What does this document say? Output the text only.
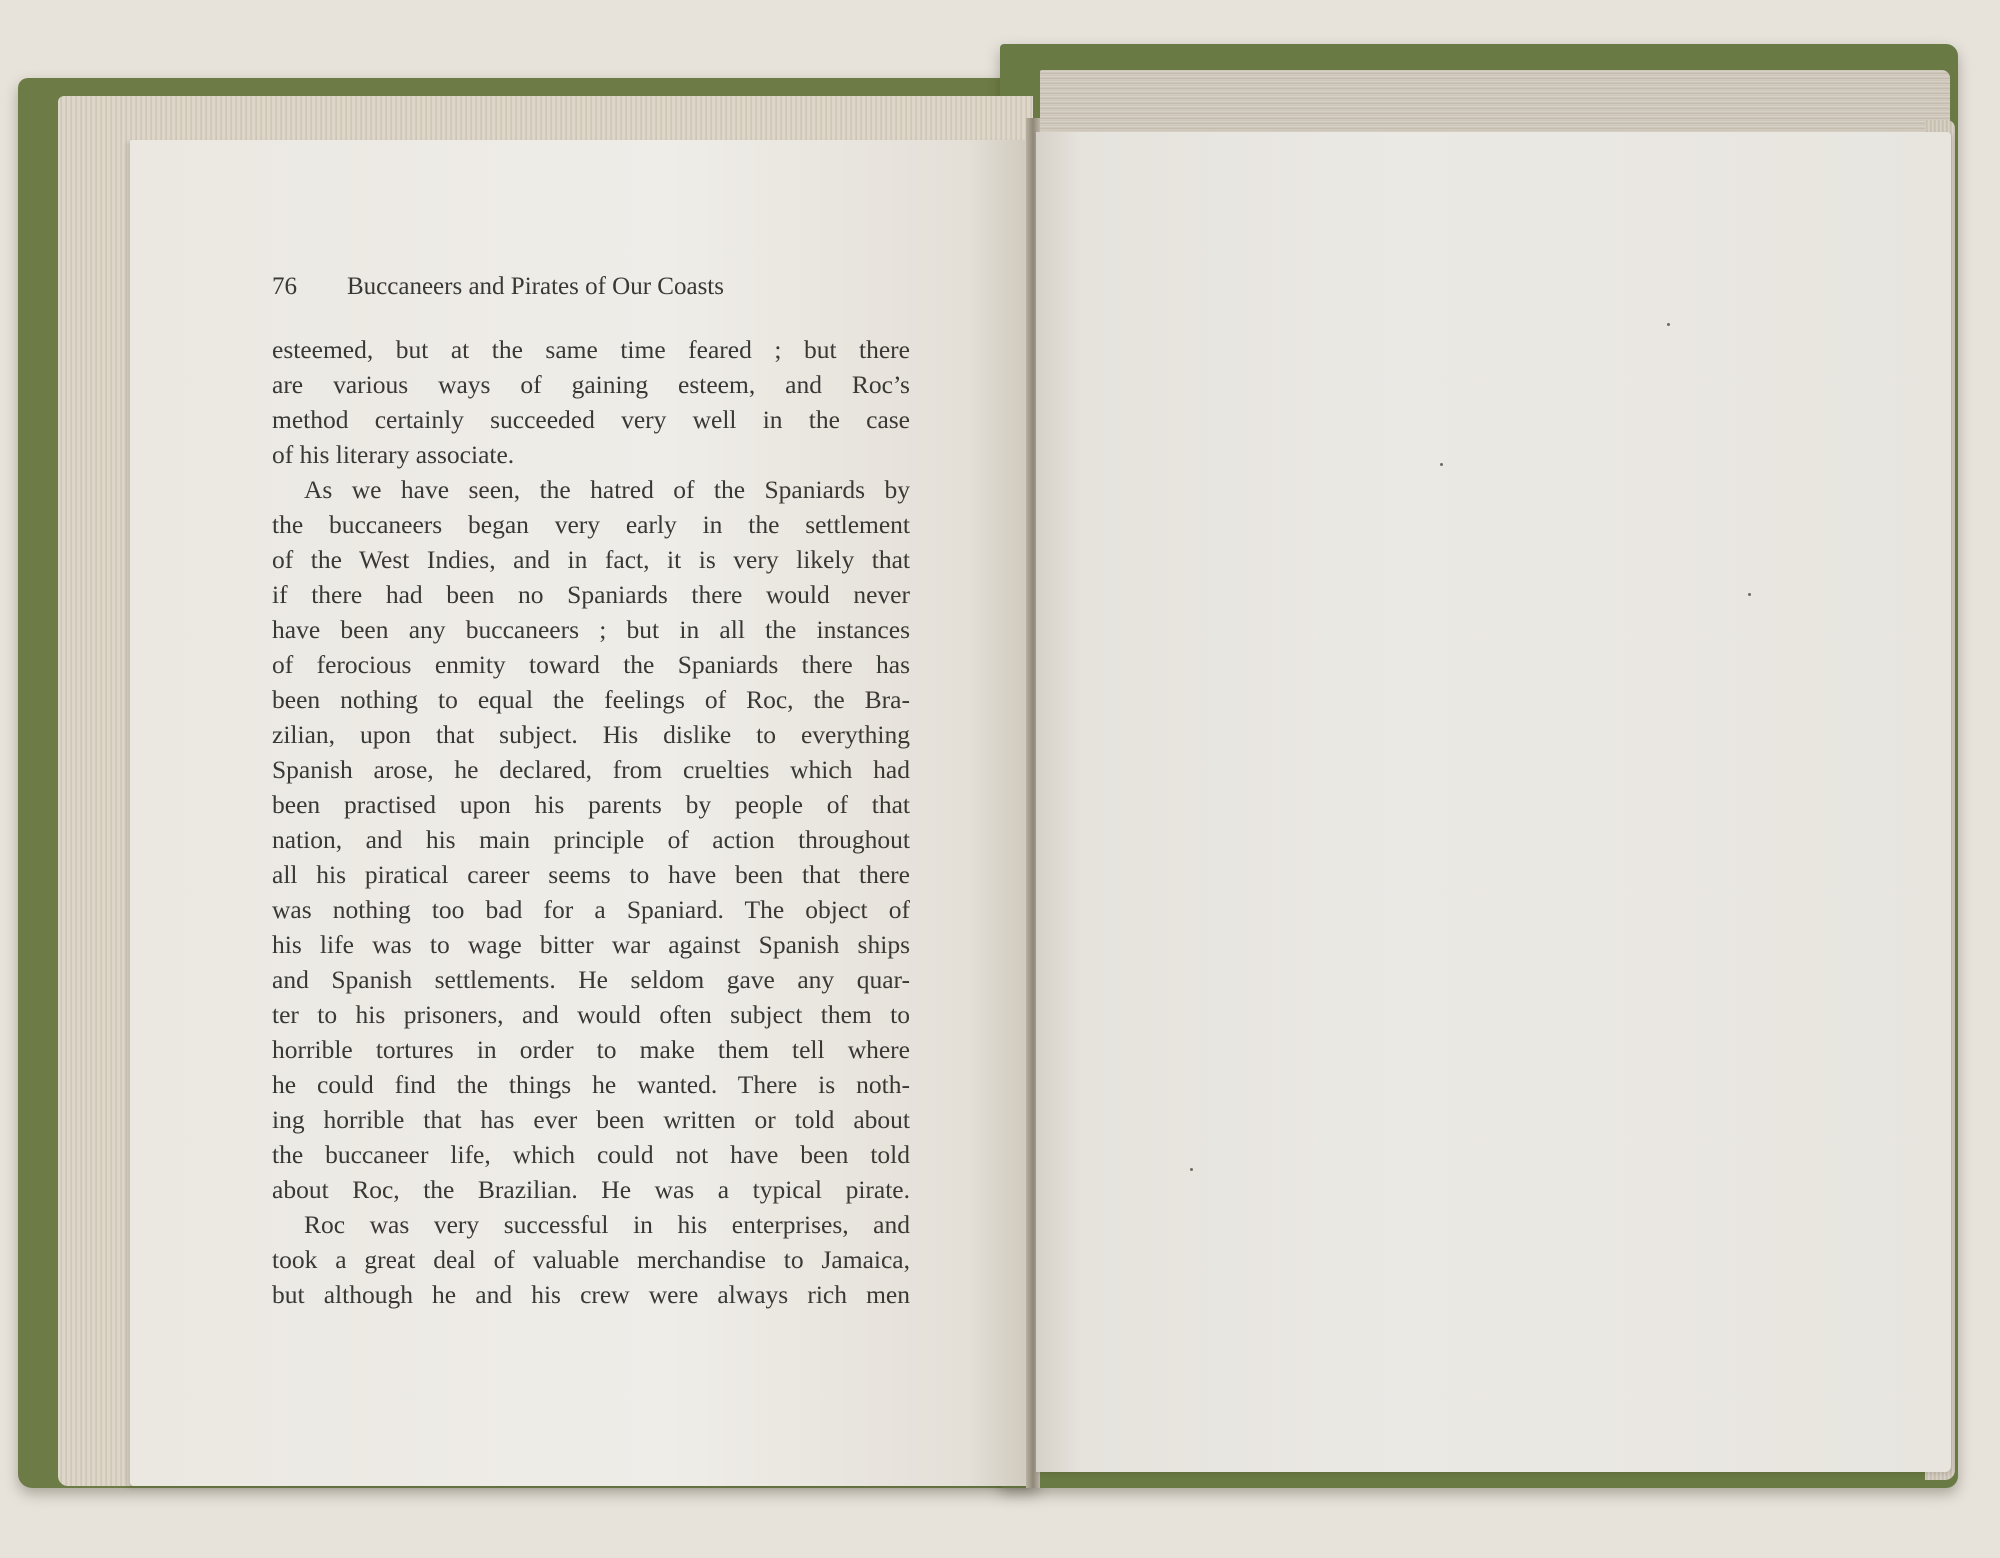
76 Buccaneers and Pirates of Our Coasts
esteemed, but at the same time feared ; but there
are various ways of gaining esteem, and Roc’s
method certainly succeeded very well in the case
of his literary associate.
As we have seen, the hatred of the Spaniards by
the buccaneers began very early in the settlement
of the West Indies, and in fact, it is very likely that
if there had been no Spaniards there would never
have been any buccaneers ; but in all the instances
of ferocious enmity toward the Spaniards there has
been nothing to equal the feelings of Roc, the Bra-
zilian, upon that subject. His dislike to everything
Spanish arose, he declared, from cruelties which had
been practised upon his parents by people of that
nation, and his main principle of action throughout
all his piratical career seems to have been that there
was nothing too bad for a Spaniard. The object of
his life was to wage bitter war against Spanish ships
and Spanish settlements. He seldom gave any quar-
ter to his prisoners, and would often subject them to
horrible tortures in order to make them tell where
he could find the things he wanted. There is noth-
ing horrible that has ever been written or told about
the buccaneer life, which could not have been told
about Roc, the Brazilian. He was a typical pirate.
Roc was very successful in his enterprises, and
took a great deal of valuable merchandise to Jamaica,
but although he and his crew were always rich men
